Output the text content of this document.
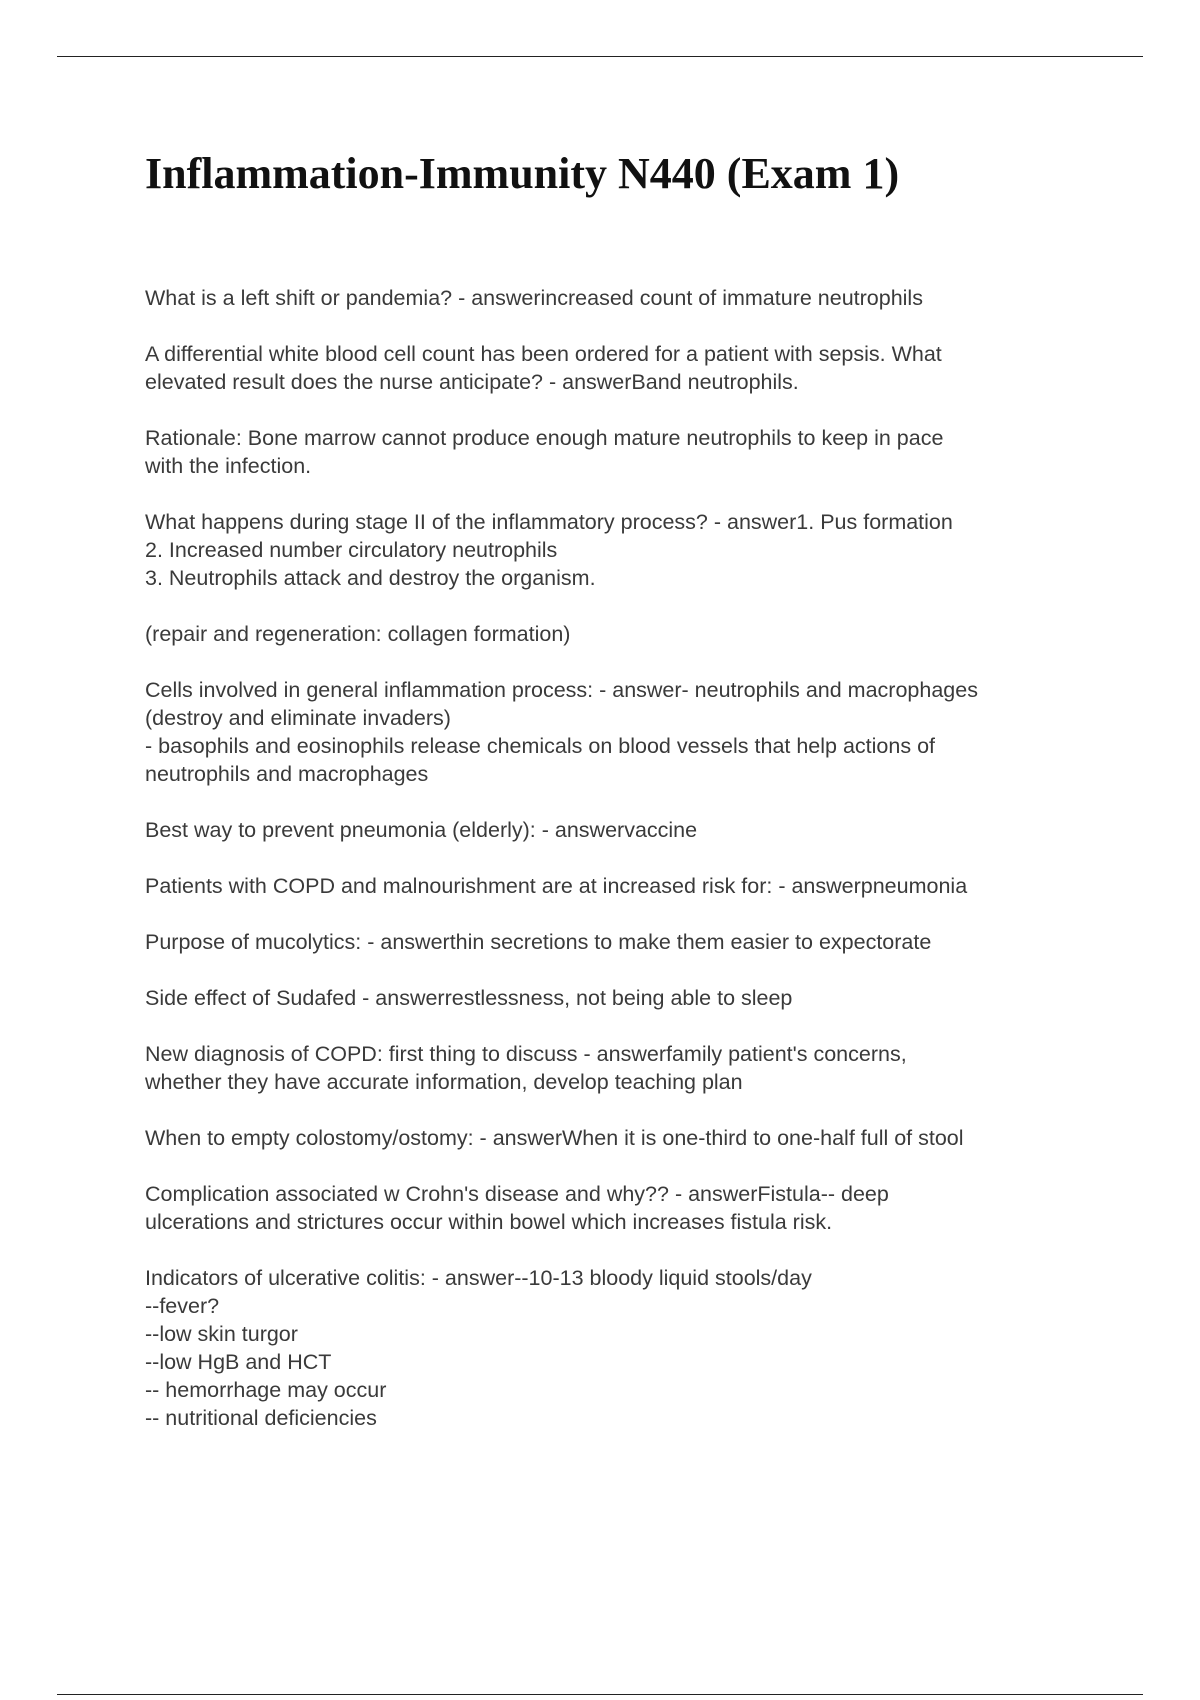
Inflammation-Immunity N440 (Exam 1)
What is a left shift or pandemia? - answerincreased count of immature neutrophils
A differential white blood cell count has been ordered for a patient with sepsis. What
elevated result does the nurse anticipate? - answerBand neutrophils.
Rationale: Bone marrow cannot produce enough mature neutrophils to keep in pace
with the infection.
What happens during stage II of the inflammatory process? - answer1. Pus formation
2. Increased number circulatory neutrophils
3. Neutrophils attack and destroy the organism.
(repair and regeneration: collagen formation)
Cells involved in general inflammation process: - answer- neutrophils and macrophages
(destroy and eliminate invaders)
- basophils and eosinophils release chemicals on blood vessels that help actions of
neutrophils and macrophages
Best way to prevent pneumonia (elderly): - answervaccine
Patients with COPD and malnourishment are at increased risk for: - answerpneumonia
Purpose of mucolytics: - answerthin secretions to make them easier to expectorate
Side effect of Sudafed - answerrestlessness, not being able to sleep
New diagnosis of COPD: first thing to discuss - answerfamily patient's concerns,
whether they have accurate information, develop teaching plan
When to empty colostomy/ostomy: - answerWhen it is one-third to one-half full of stool
Complication associated w Crohn's disease and why?? - answerFistula-- deep
ulcerations and strictures occur within bowel which increases fistula risk.
Indicators of ulcerative colitis: - answer--10-13 bloody liquid stools/day
--fever?
--low skin turgor
--low HgB and HCT
-- hemorrhage may occur
-- nutritional deficiencies
